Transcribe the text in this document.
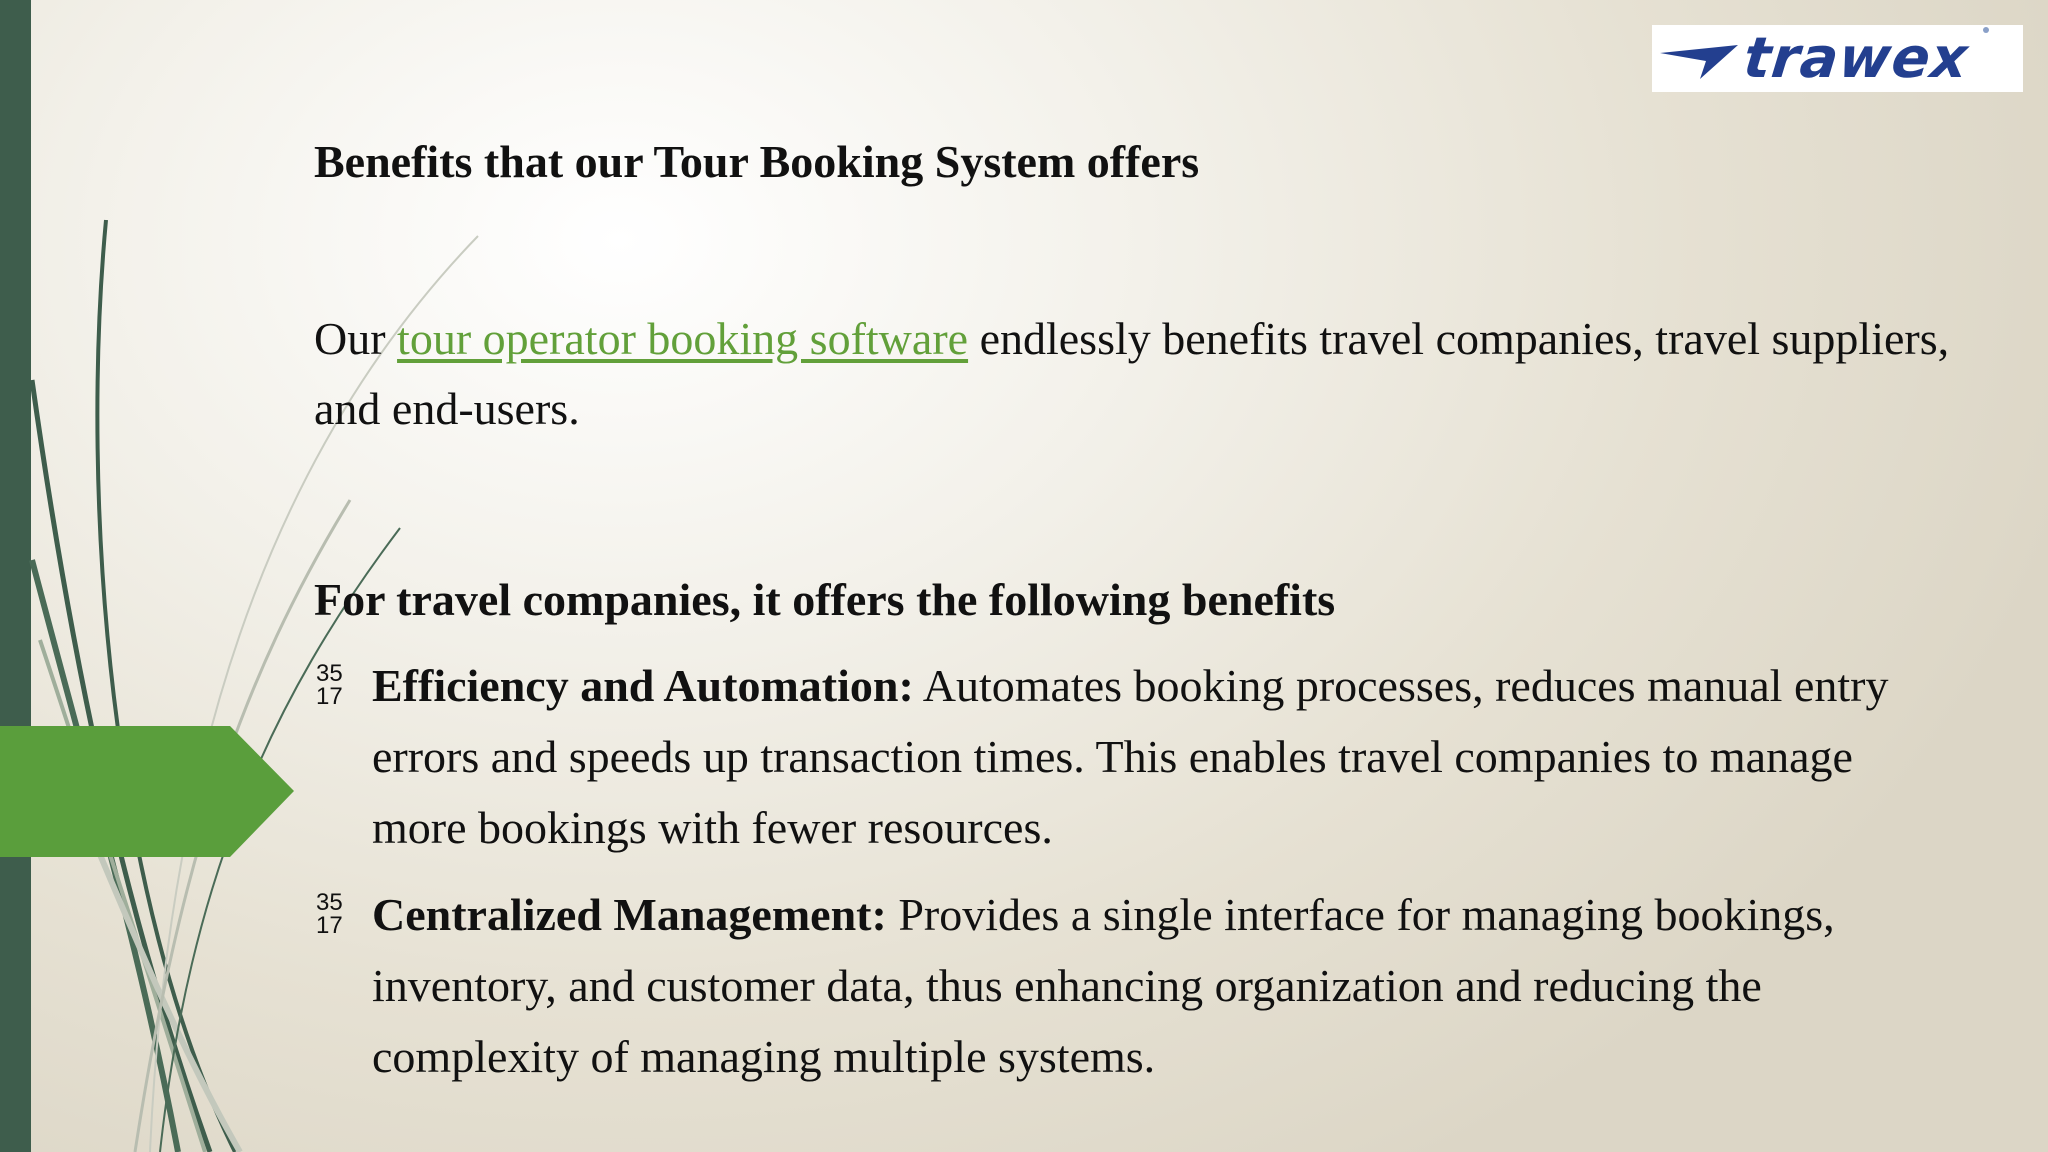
trawex
Benefits that our Tour Booking System offers

Our tour operator booking software endlessly benefits travel companies, travel suppliers, and end-users.

For travel companies, it offers the following benefits
35
17 Efficiency and Automation: Automates booking processes, reduces manual entry errors and speeds up transaction times. This enables travel companies to manage more bookings with fewer resources.
35
17 Centralized Management: Provides a single interface for managing bookings, inventory, and customer data, thus enhancing organization and reducing the complexity of managing multiple systems.
